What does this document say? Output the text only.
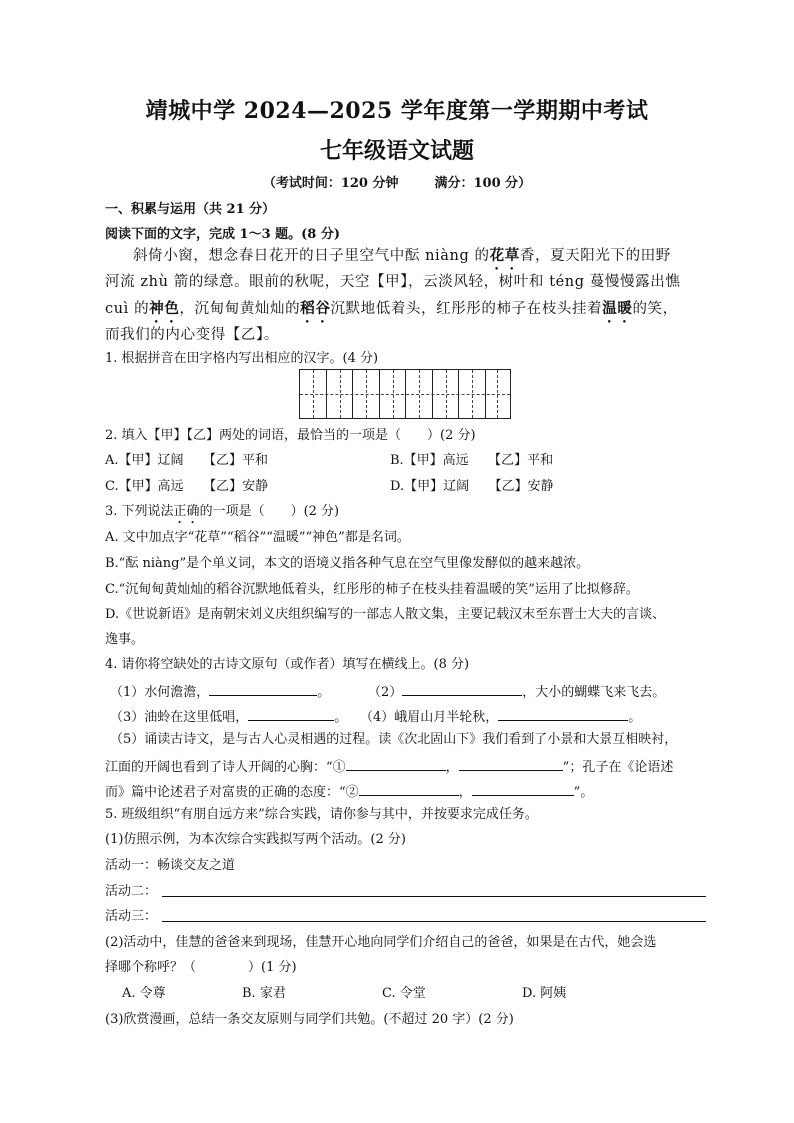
靖城中学 2024—2025 学年度第一学期期中考试
七年级语文试题
（考试时间：120 分钟	满分：100 分）
一、积累与运用（共 21 分）
阅读下面的文字，完成 1～3 题。(8 分)
斜倚小窗，想念春日花开的日子里空气中酝 niàng 的花草香，夏天阳光下的田野
河流 zhù 箭的绿意。眼前的秋呢，天空【甲】，云淡风轻，树叶和 téng 蔓慢慢露出憔
cuì 的神色，沉甸甸黄灿灿的稻谷沉默地低着头，红彤彤的柿子在枝头挂着温暖的笑，
而我们的内心变得【乙】。
1. 根据拼音在田字格内写出相应的汉字。(4 分)
2. 填入【甲】【乙】两处的词语，最恰当的一项是（　　）(2 分)
A.【甲】辽阔　　【乙】平和	B.【甲】高远　　【乙】平和
C.【甲】高远　　【乙】安静	D.【甲】辽阔　　【乙】安静
3. 下列说法正确的一项是（　　）(2 分)
A. 文中加点字“花草”“稻谷”“温暖”“神色”都是名词。
B.“酝 niàng”是个单义词，本文的语境义指各种气息在空气里像发酵似的越来越浓。
C.“沉甸甸黄灿灿的稻谷沉默地低着头，红彤彤的柿子在枝头挂着温暖的笑”运用了比拟修辞。
D.《世说新语》是南朝宋刘义庆组织编写的一部志人散文集，主要记载汉末至东晋士大夫的言谈、
逸事。
4. 请你将空缺处的古诗文原句（或作者）填写在横线上。(8 分)
（1）水何澹澹，	。	（2）	，大小的蝴蝶飞来飞去。
（3）油蛉在这里低唱，	。 （4）峨眉山月半轮秋，	。
（5）诵读古诗文，是与古人心灵相遇的过程。读《次北固山下》我们看到了小景和大景互相映衬，
江面的开阔也看到了诗人开阔的心胸：“①	，	”；孔子在《论语述
而》篇中论述君子对富贵的正确的态度：“②	，	”。
5. 班级组织“有朋自远方来”综合实践，请你参与其中，并按要求完成任务。
(1)仿照示例，为本次综合实践拟写两个活动。(2 分)
活动一：畅谈交友之道
活动二：
活动三：
(2)活动中，佳慧的爸爸来到现场，佳慧开心地向同学们介绍自己的爸爸，如果是在古代，她会选
择哪个称呼？（　　　　）(1 分)
A. 令尊	B. 家君	C. 令堂	D. 阿姨
(3)欣赏漫画，总结一条交友原则与同学们共勉。(不超过 20 字）(2 分)
